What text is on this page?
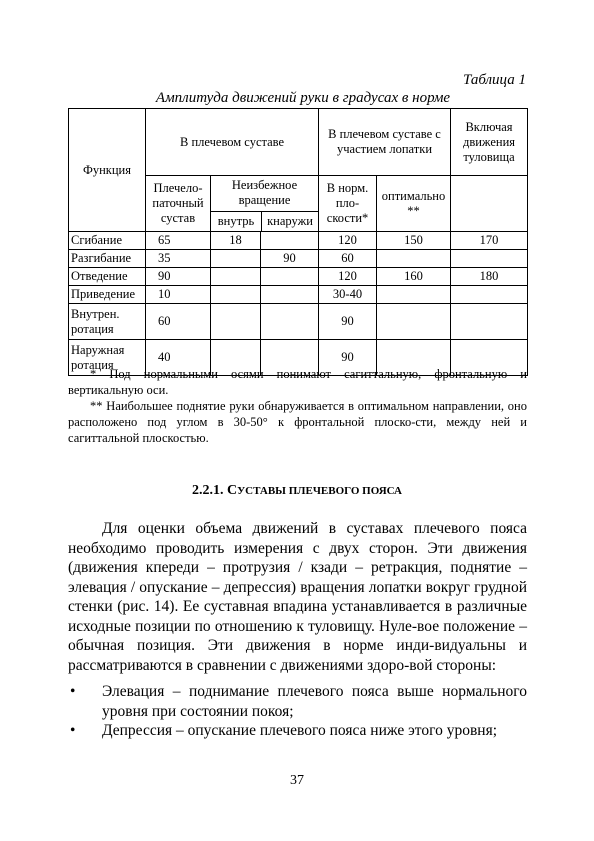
Таблица 1
Амплитуда движений руки в градусах в норме
Функция	В плечевом суставе			В плечевом суставе с участием лопатки		Включая движения туловища

	Плечело-паточный сустав	Неизбежное вращение
внутрь кнаружи		В норм. пло-скости*	оптимально **	
Сгибание	65	18		120	150	170
Разгибание	35		90	60		
Отведение	90			120	160	180
Приведение	10			30-40		
Внутрен. ротация	60			90		
Наружная ротация	40			90		
* Под нормальными осями понимают сагиттальную, фронтальную и вертикальную оси.
** Наибольшее поднятие руки обнаруживается в оптимальном направлении, оно расположено под углом в 30-50° к фронтальной плоско-сти, между ней и сагиттальной плоскостью.
2.2.1. СУСТАВЫ ПЛЕЧЕВОГО ПОЯСА
Для оценки объема движений в суставах плечевого пояса необходимо проводить измерения с двух сторон. Эти движения (движения кпереди – протрузия / кзади – ретракция, поднятие – элевация / опускание – депрессия) вращения лопатки вокруг грудной стенки (рис. 14). Ее суставная впадина устанавливается в различные исходные позиции по отношению к туловищу. Нуле-вое положение – обычная позиция. Эти движения в норме инди-видуальны и рассматриваются в сравнении с движениями здоро-вой стороны:
• Элевация – поднимание плечевого пояса выше нормального уровня при состоянии покоя;
• Депрессия – опускание плечевого пояса ниже этого уровня;
37
